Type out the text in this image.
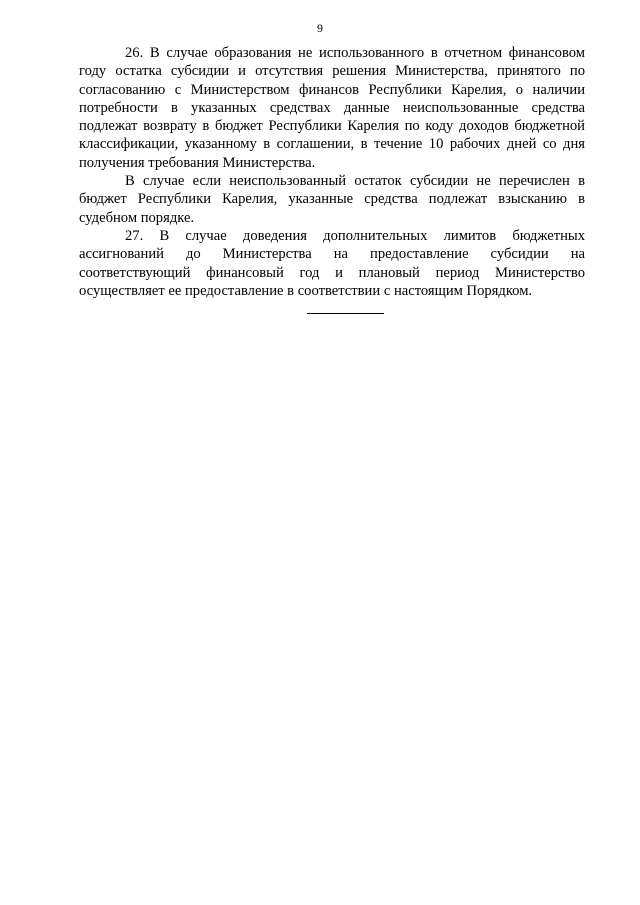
9

26. В случае образования не использованного в отчетном финансовом году остатка субсидии и отсутствия решения Министерства, принятого по согласованию с Министерством финансов Республики Карелия, о наличии потребности в указанных средствах данные неиспользованные средства подлежат возврату в бюджет Республики Карелия по коду доходов бюджетной классификации, указанному в соглашении, в течение 10 рабочих дней со дня получения требования Министерства.

В случае если неиспользованный остаток субсидии не перечислен в бюджет Республики Карелия, указанные средства подлежат взысканию в судебном порядке.

27. В случае доведения дополнительных лимитов бюджетных ассигнований до Министерства на предоставление субсидии на соответствующий финансовый год и плановый период Министерство осуществляет ее предоставление в соответствии с настоящим Порядком.
